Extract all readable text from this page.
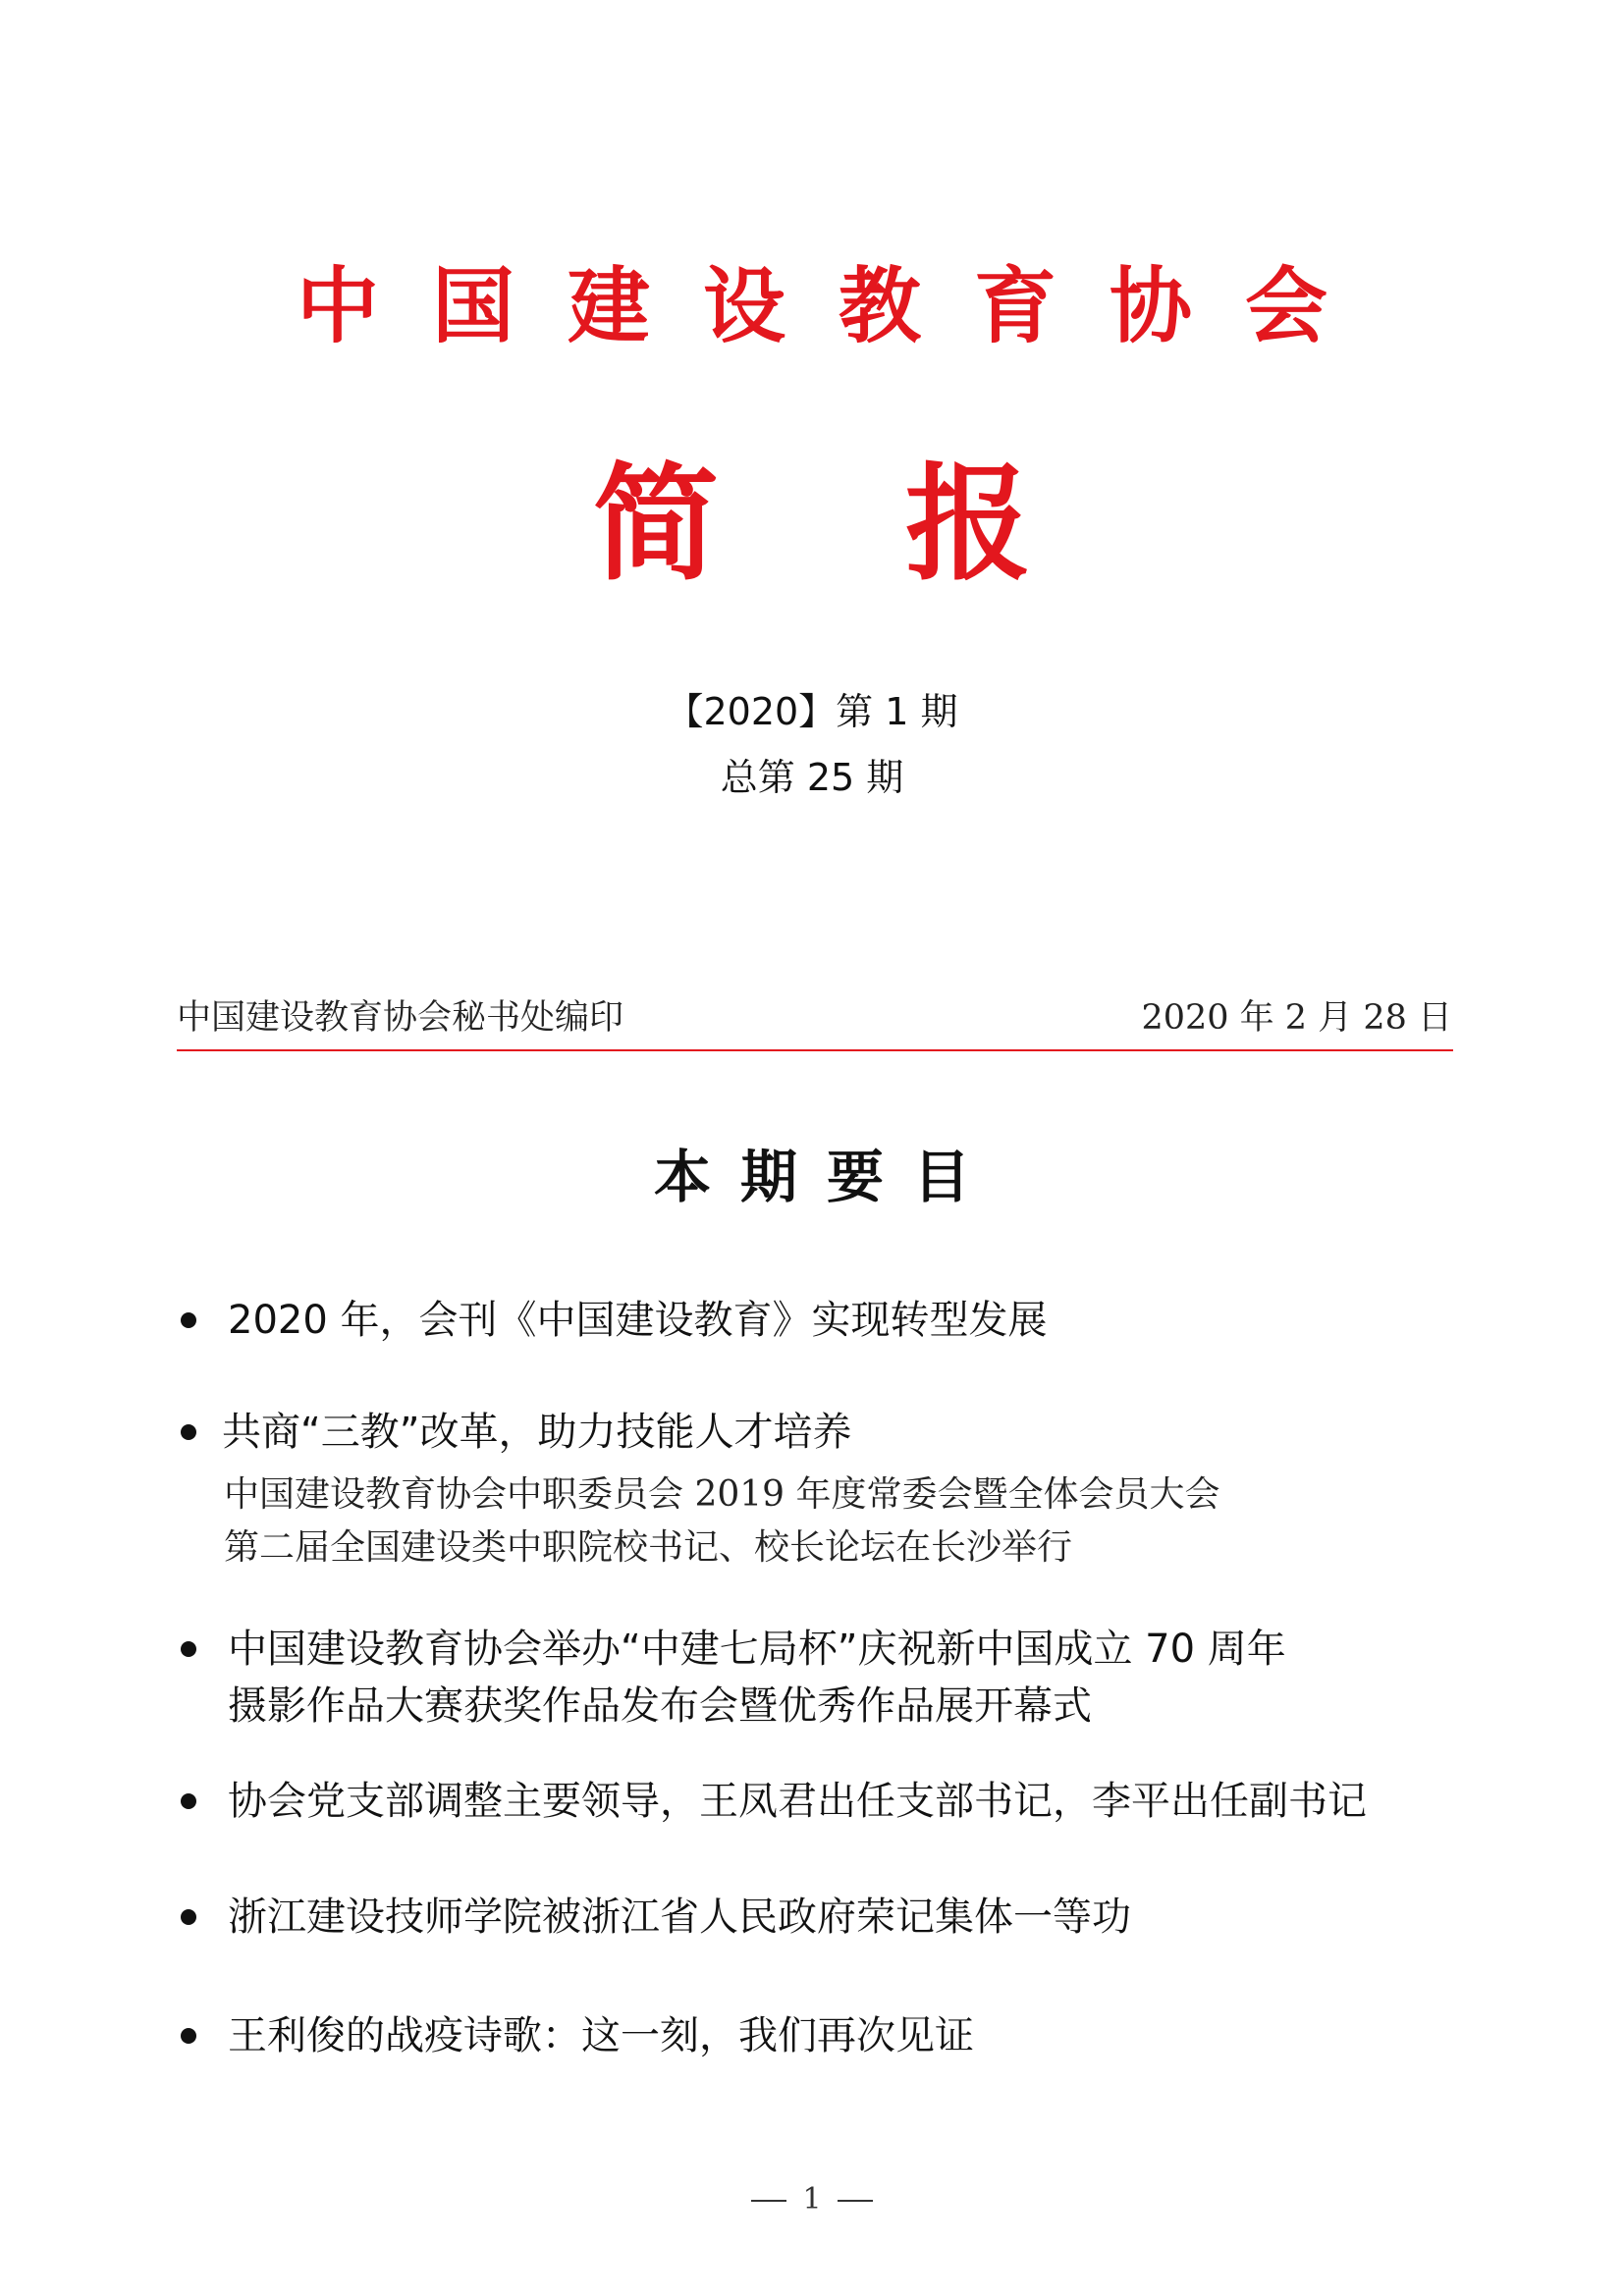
中国建设教育协会
简报
【2020】第 1 期
总第 25 期
中国建设教育协会秘书处编印	2020 年 2 月 28 日
本期要目
2020 年，会刊《中国建设教育》实现转型发展
共商“三教”改革，助力技能人才培养
中国建设教育协会中职委员会 2019 年度常委会暨全体会员大会
第二届全国建设类中职院校书记、校长论坛在长沙举行
中国建设教育协会举办“中建七局杯”庆祝新中国成立 70 周年
摄影作品大赛获奖作品发布会暨优秀作品展开幕式
协会党支部调整主要领导，王凤君出任支部书记，李平出任副书记
浙江建设技师学院被浙江省人民政府荣记集体一等功
王利俊的战疫诗歌：这一刻，我们再次见证
1
